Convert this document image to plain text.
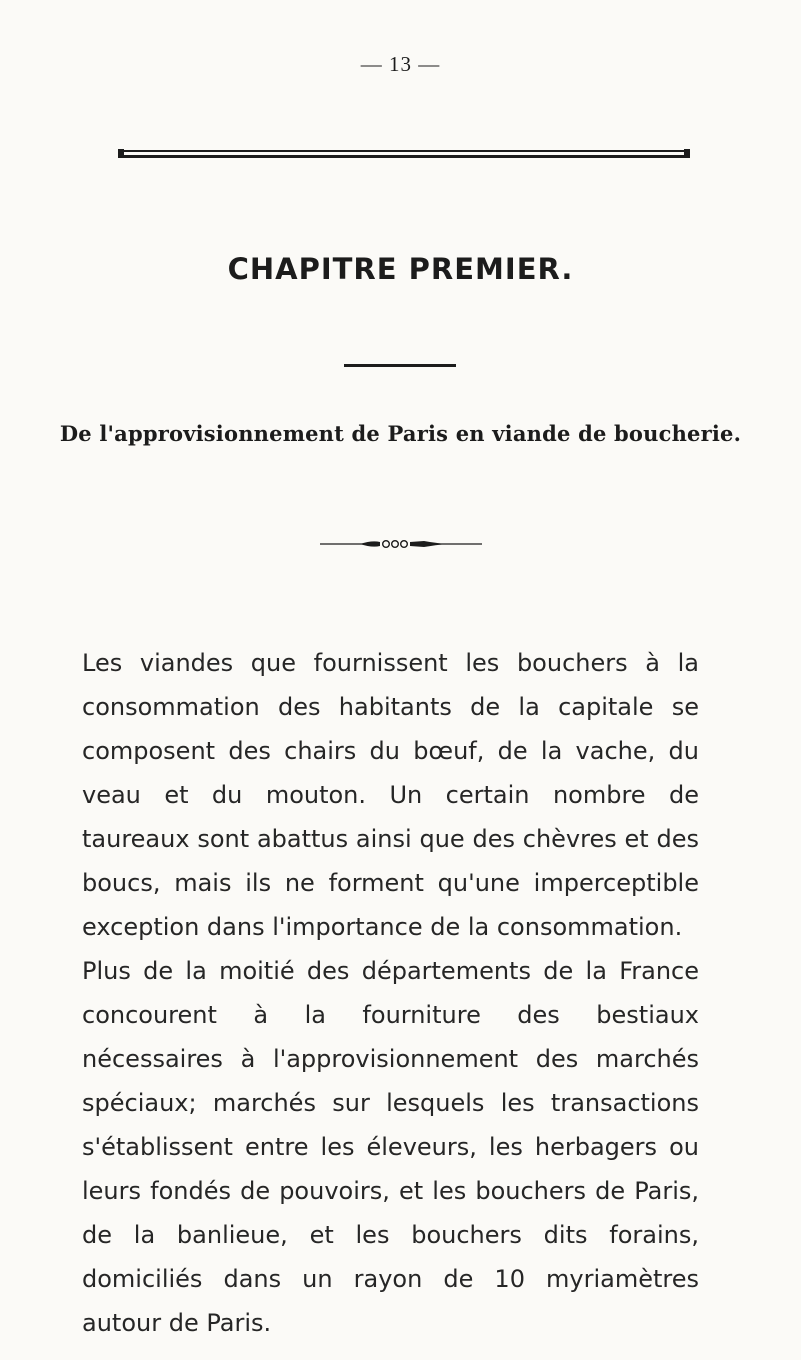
— 13 —
CHAPITRE PREMIER.
De l'approvisionnement de Paris en viande de boucherie.

Les viandes que fournissent les bouchers à la consommation des habitants de la capitale se composent des chairs du bœuf, de la vache, du veau et du mouton. Un certain nombre de taureaux sont abattus ainsi que des chèvres et des boucs, mais ils ne forment qu'une imperceptible exception dans l'importance de la consommation.

Plus de la moitié des départements de la France concourent à la fourniture des bestiaux nécessaires à l'approvisionnement des marchés spéciaux; marchés sur lesquels les transactions s'établissent entre les éleveurs, les herbagers ou leurs fondés de pouvoirs, et les bouchers de Paris, de la banlieue, et les bouchers dits forains, domiciliés dans un rayon de 10 myriamètres autour de Paris.
